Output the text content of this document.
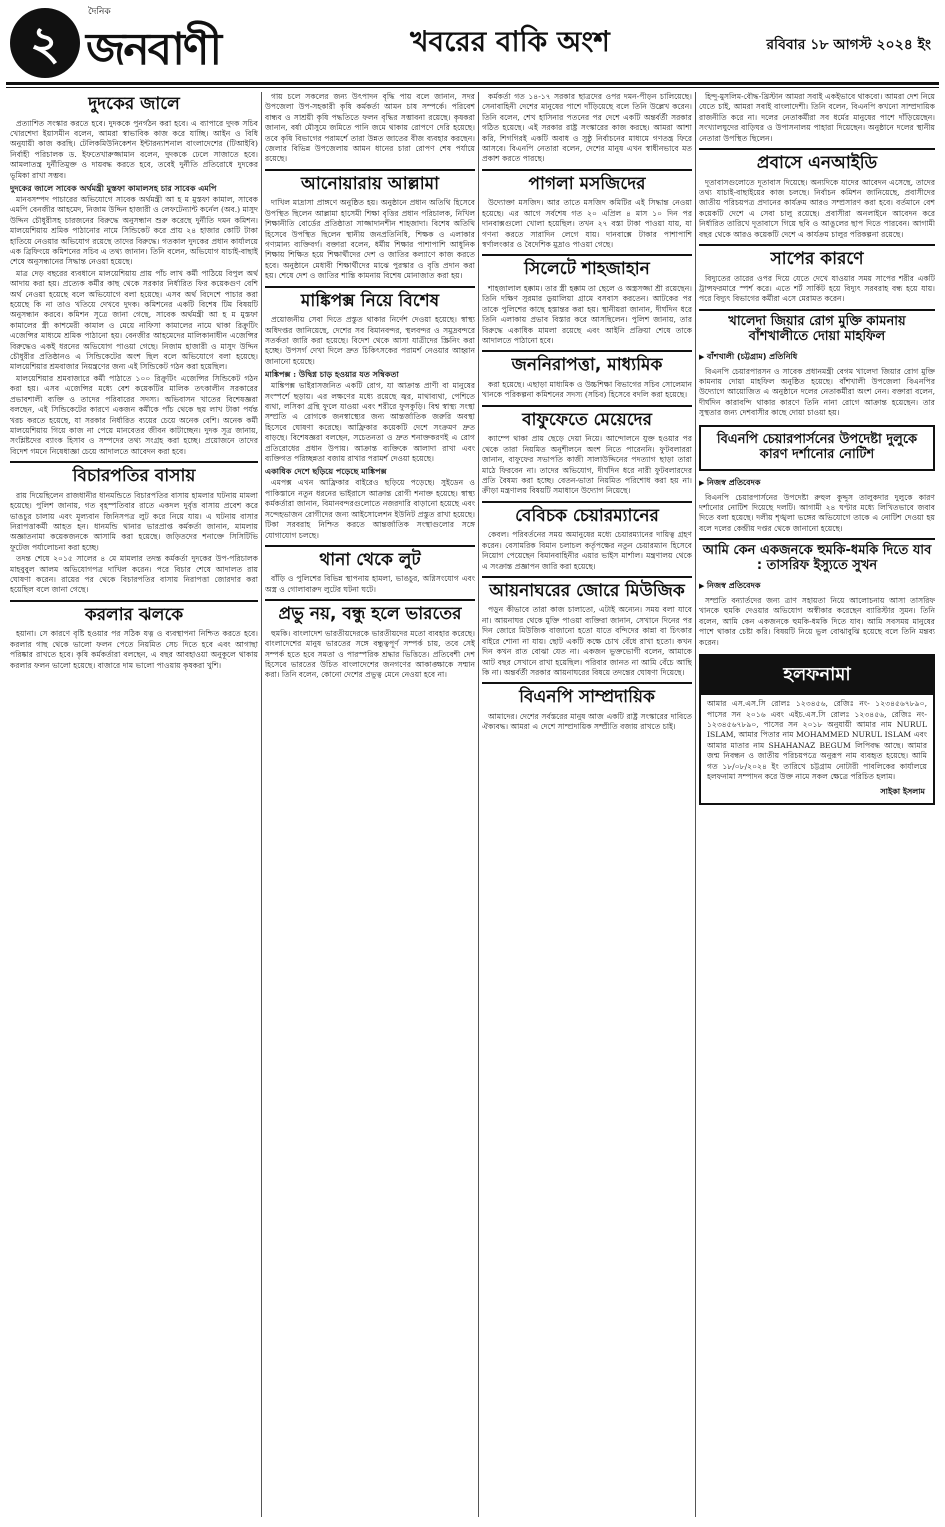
২
দৈনিক
জনবাণী	খবরের বাকি অংশ	রবিবার ১৮ আগস্ট ২০২৪ ইং
দুদকের জালে

প্রত্যাশিত সংস্কার করতে হবে। দুদককে পুনর্গঠন করা হবে। এ ব্যাপারে দুদক সচিব খোরশেদা ইয়াসমীন বলেন, আমরা স্বাভাবিক কাজ করে যাচ্ছি। আইন ও বিধি অনুযায়ী কাজ করছি। টেলিকমিউনিকেশন ইন্টারন্যাশনাল বাংলাদেশের (টিআইবি) নির্বাহী পরিচালক ড. ইফতেখারুজ্জামান বলেন, দুদককে ঢেলে সাজাতে হবে। আমলাতন্ত্র দুর্নীতিমুক্ত ও দায়বদ্ধ করতে হবে, তবেই দুর্নীতি প্রতিরোধে দুদকের ভূমিকা রাখা সম্ভব।

দুদকের জালে সাবেক অর্থমন্ত্রী মুস্তফা কামালসহ চার সাবেক এমপি

মানবসম্পদ পাচারের অভিযোগে সাবেক অর্থমন্ত্রী আ হ ম মুস্তফা কামাল, সাবেক এমপি বেনজীর আহমেদ, নিজাম উদ্দিন হাজারী ও লেফটেন্যান্ট কর্নেল (অব.) মাসুদ উদ্দিন চৌধুরীসহ চারজনের বিরুদ্ধে অনুসন্ধান শুরু করেছে দুর্নীতি দমন কমিশন। মালয়েশিয়ায় শ্রমিক পাঠানোর নামে সিন্ডিকেট করে প্রায় ২৪ হাজার কোটি টাকা হাতিয়ে নেওয়ার অভিযোগ রয়েছে তাদের বিরুদ্ধে। গতকাল দুদকের প্রধান কার্যালয়ে এক ব্রিফিংয়ে কমিশনের সচিব এ তথ্য জানান। তিনি বলেন, অভিযোগ যাচাই-বাছাই শেষে অনুসন্ধানের সিদ্ধান্ত নেওয়া হয়েছে।

মাত্র দেড় বছরের ব্যবধানে মালয়েশিয়ায় প্রায় পাঁচ লাখ কর্মী পাঠিয়ে বিপুল অর্থ আদায় করা হয়। প্রত্যেক কর্মীর কাছ থেকে সরকার নির্ধারিত ফির কয়েকগুণ বেশি অর্থ নেওয়া হয়েছে বলে অভিযোগে বলা হয়েছে। এসব অর্থ বিদেশে পাচার করা হয়েছে কি না তাও খতিয়ে দেখবে দুদক। কমিশনের একটি বিশেষ টিম বিষয়টি অনুসন্ধান করবে। কমিশন সূত্রে জানা গেছে, সাবেক অর্থমন্ত্রী আ হ ম মুস্তফা কামালের স্ত্রী কাশমেরী কামাল ও মেয়ে নাফিসা কামালের নামে থাকা রিক্রুটিং এজেন্সির মাধ্যমে শ্রমিক পাঠানো হয়। বেনজীর আহমেদের মালিকানাধীন এজেন্সির বিরুদ্ধেও একই ধরনের অভিযোগ পাওয়া গেছে। নিজাম হাজারী ও মাসুদ উদ্দিন চৌধুরীর প্রতিষ্ঠানও এ সিন্ডিকেটের অংশ ছিল বলে অভিযোগে বলা হয়েছে। মালয়েশিয়ার শ্রমবাজার নিয়ন্ত্রণের জন্য এই সিন্ডিকেট গঠন করা হয়েছিল।

মালয়েশিয়ার শ্রমবাজারে কর্মী পাঠাতে ১০০ রিক্রুটিং এজেন্সির সিন্ডিকেট গঠন করা হয়। এসব এজেন্সির মধ্যে বেশ কয়েকটির মালিক তৎকালীন সরকারের প্রভাবশালী ব্যক্তি ও তাদের পরিবারের সদস্য। অভিবাসন খাতের বিশেষজ্ঞরা বলছেন, এই সিন্ডিকেটের কারণে একজন কর্মীকে পাঁচ থেকে ছয় লাখ টাকা পর্যন্ত খরচ করতে হয়েছে, যা সরকার নির্ধারিত ব্যয়ের চেয়ে অনেক বেশি। অনেক কর্মী মালয়েশিয়ায় গিয়ে কাজ না পেয়ে মানবেতর জীবন কাটাচ্ছেন। দুদক সূত্র জানায়, সংশ্লিষ্টদের ব্যাংক হিসাব ও সম্পদের তথ্য সংগ্রহ করা হচ্ছে। প্রয়োজনে তাদের বিদেশ গমনে নিষেধাজ্ঞা চেয়ে আদালতে আবেদন করা হবে।

বিচারপতির বাসায়

রায় দিয়েছিলেন রাজধানীর ধানমন্ডিতে বিচারপতির বাসায় হামলার ঘটনায় মামলা হয়েছে। পুলিশ জানায়, গত বৃহস্পতিবার রাতে একদল দুর্বৃত্ত বাসায় প্রবেশ করে ভাঙচুর চালায় এবং মূল্যবান জিনিসপত্র লুট করে নিয়ে যায়। এ ঘটনায় বাসার নিরাপত্তাকর্মী আহত হন। ধানমন্ডি থানার ভারপ্রাপ্ত কর্মকর্তা জানান, মামলায় অজ্ঞাতনামা কয়েকজনকে আসামি করা হয়েছে। জড়িতদের শনাক্তে সিসিটিভি ফুটেজ পর্যালোচনা করা হচ্ছে।

তদন্ত শেষে ২০১৫ সালের ৪ মে মামলার তদন্ত কর্মকর্তা দুদকের উপ-পরিচালক মাহবুবুল আলম অভিযোগপত্র দাখিল করেন। পরে বিচার শেষে আদালত রায় ঘোষণা করেন। রায়ের পর থেকে বিচারপতির বাসায় নিরাপত্তা জোরদার করা হয়েছিল বলে জানা গেছে।

করলার ঝলকে

হয়ানা। সে কারণে বৃষ্টি হওয়ার পর সঠিক যত্ন ও ব্যবস্থাপনা নিশ্চিত করতে হবে। করলার গাছ থেকে ভালো ফলন পেতে নিয়মিত সেচ দিতে হবে এবং আগাছা পরিষ্কার রাখতে হবে। কৃষি কর্মকর্তারা বলছেন, এ বছর আবহাওয়া অনুকূলে থাকায় করলার ফলন ভালো হয়েছে। বাজারে দাম ভালো পাওয়ায় কৃষকরা খুশি।

গায় চলে সকলের জন্য উৎপাদন বৃদ্ধি পায় বলে জানান, সদর উপজেলা উপ-সহকারী কৃষি কর্মকর্তা আমন চাষ সম্পর্কে। পরিবেশ বান্ধব ও সাশ্রয়ী কৃষি পদ্ধতিতে ফলন বৃদ্ধির সম্ভাবনা রয়েছে। কৃষকরা জানান, বর্ষা মৌসুমে জমিতে পানি জমে থাকায় রোপণে দেরি হয়েছে। তবে কৃষি বিভাগের পরামর্শে তারা উন্নত জাতের বীজ ব্যবহার করছেন। জেলার বিভিন্ন উপজেলায় আমন ধানের চারা রোপণ শেষ পর্যায়ে রয়েছে।

আনোয়ারায় আল্লামা

দাখিল মাদ্রাসা প্রাঙ্গণে অনুষ্ঠিত হয়। অনুষ্ঠানে প্রধান অতিথি হিসেবে উপস্থিত ছিলেন আল্লামা হাসেমী শিক্ষা বৃত্তির প্রধান পরিচালক, নিখিল শিক্ষানীতি বোর্ডের প্রতিষ্ঠাতা সাজ্জাদানশীন শাহজাদা। বিশেষ অতিথি হিসেবে উপস্থিত ছিলেন স্থানীয় জনপ্রতিনিধি, শিক্ষক ও এলাকার গণ্যমান্য ব্যক্তিবর্গ। বক্তারা বলেন, ধর্মীয় শিক্ষার পাশাপাশি আধুনিক শিক্ষায় শিক্ষিত হয়ে শিক্ষার্থীদের দেশ ও জাতির কল্যাণে কাজ করতে হবে। অনুষ্ঠানে মেধাবী শিক্ষার্থীদের মাঝে পুরস্কার ও বৃত্তি প্রদান করা হয়। শেষে দেশ ও জাতির শান্তি কামনায় বিশেষ মোনাজাত করা হয়।

মাঙ্কিপক্স নিয়ে বিশেষ

প্রয়োজনীয় সেবা দিতে প্রস্তুত থাকার নির্দেশ দেওয়া হয়েছে। স্বাস্থ্য অধিদপ্তর জানিয়েছে, দেশের সব বিমানবন্দর, স্থলবন্দর ও সমুদ্রবন্দরে সতর্কতা জারি করা হয়েছে। বিদেশ থেকে আসা যাত্রীদের স্ক্রিনিং করা হচ্ছে। উপসর্গ দেখা দিলে দ্রুত চিকিৎসকের পরামর্শ নেওয়ার আহ্বান জানানো হয়েছে।

মাঙ্কিপক্স : উদ্বিগ্ন চাড় হওয়ার যত সম্বিকতা

মাঙ্কিপক্স ভাইরাসজনিত একটি রোগ, যা আক্রান্ত প্রাণী বা মানুষের সংস্পর্শে ছড়ায়। এর লক্ষণের মধ্যে রয়েছে জ্বর, মাথাব্যথা, পেশিতে ব্যথা, লসিকা গ্রন্থি ফুলে যাওয়া এবং শরীরে ফুসকুড়ি। বিশ্ব স্বাস্থ্য সংস্থা সম্প্রতি এ রোগকে জনস্বাস্থ্যের জন্য আন্তর্জাতিক জরুরি অবস্থা হিসেবে ঘোষণা করেছে। আফ্রিকার কয়েকটি দেশে সংক্রমণ দ্রুত বাড়ছে। বিশেষজ্ঞরা বলছেন, সচেতনতা ও দ্রুত শনাক্তকরণই এ রোগ প্রতিরোধের প্রধান উপায়। আক্রান্ত ব্যক্তিকে আলাদা রাখা এবং ব্যক্তিগত পরিচ্ছন্নতা বজায় রাখার পরামর্শ দেওয়া হয়েছে।

একাধিক দেশে ছড়িয়ে পড়েছে মাঙ্কিপক্স

এমপক্স এখন আফ্রিকার বাইরেও ছড়িয়ে পড়েছে। সুইডেন ও পাকিস্তানে নতুন ধরনের ভাইরাসে আক্রান্ত রোগী শনাক্ত হয়েছে। স্বাস্থ্য কর্মকর্তারা জানান, বিমানবন্দরগুলোতে নজরদারি বাড়ানো হয়েছে এবং সন্দেহভাজন রোগীদের জন্য আইসোলেশন ইউনিট প্রস্তুত রাখা হয়েছে। টিকা সরবরাহ নিশ্চিত করতে আন্তর্জাতিক সংস্থাগুলোর সঙ্গে যোগাযোগ চলছে।

থানা থেকে লুট

বাঁড়ি ও পুলিশের বিভিন্ন স্থাপনায় হামলা, ভাঙচুর, অগ্নিসংযোগ এবং অস্ত্র ও গোলাবারুদ লুটের ঘটনা ঘটে।

প্রভু নয়, বন্ধু হলে ভারতের

হুমকি। বাংলাদেশ ভারতীয়দেরকে ভারতীয়দের মতো ব্যবহার করেছে। বাংলাদেশের মানুষ ভারতের সঙ্গে বন্ধুত্বপূর্ণ সম্পর্ক চায়, তবে সেই সম্পর্ক হতে হবে সমতা ও পারস্পরিক শ্রদ্ধার ভিত্তিতে। প্রতিবেশী দেশ হিসেবে ভারতের উচিত বাংলাদেশের জনগণের আকাঙ্ক্ষাকে সম্মান করা। তিনি বলেন, কোনো দেশের প্রভুত্ব মেনে নেওয়া হবে না।

কর্মকর্তা গত ১৪-১৭ সরকার ছাত্রদের ওপর দমন-পীড়ন চালিয়েছে। সেনাবাহিনী দেশের মানুষের পাশে দাঁড়িয়েছে বলে তিনি উল্লেখ করেন। তিনি বলেন, শেখ হাসিনার পতনের পর দেশে একটি অন্তর্বর্তী সরকার গঠিত হয়েছে। এই সরকার রাষ্ট্র সংস্কারের কাজ করছে। আমরা আশা করি, শিগগিরই একটি অবাধ ও সুষ্ঠু নির্বাচনের মাধ্যমে গণতন্ত্র ফিরে আসবে। বিএনপি নেতারা বলেন, দেশের মানুষ এখন স্বাধীনভাবে মত প্রকাশ করতে পারছে।

পাগলা মসজিদের

উদ্যোক্তা মসজিদ। আর তাতে মসজিদ কমিটির এই সিদ্ধান্ত নেওয়া হয়েছে। এর আগে সর্বশেষ গত ২০ এপ্রিল ৪ মাস ১০ দিন পর দানবাক্সগুলো খোলা হয়েছিল। তখন ২৭ বস্তা টাকা পাওয়া যায়, যা গণনা করতে সারাদিন লেগে যায়। দানবাক্সে টাকার পাশাপাশি স্বর্ণালংকার ও বৈদেশিক মুদ্রাও পাওয়া গেছে।

সিলেটে শাহজাহান

শাহজালাল হক্কাম। তার স্ত্রী হক্কাম তা ছেলে ও অস্ত্রসজ্জা শ্রী রয়েছেন। তিনি দক্ষিণ সুরমার ডুয়ালিয়া গ্রামে বসবাস করতেন। আটকের পর তাকে পুলিশের কাছে হস্তান্তর করা হয়। স্থানীয়রা জানান, দীর্ঘদিন ধরে তিনি এলাকায় প্রভাব বিস্তার করে আসছিলেন। পুলিশ জানায়, তার বিরুদ্ধে একাধিক মামলা রয়েছে এবং আইনি প্রক্রিয়া শেষে তাকে আদালতে পাঠানো হবে।

জননিরাপত্তা, মাধ্যমিক

করা হয়েছে। এছাড়া মাধ্যমিক ও উচ্চশিক্ষা বিভাগের সচিব সোলেমান খানকে পরিকল্পনা কমিশনের সদস্য (সচিব) হিসেবে বদলি করা হয়েছে।

বাফুফেতে মেয়েদের

ক্যাম্পে থাকা প্রায় ছেড়ে দেয়া নিয়ে। আন্দোলনে যুক্ত হওয়ার পর থেকে তারা নিয়মিত অনুশীলনে অংশ নিতে পারেননি। ফুটবলাররা জানান, বাফুফের সভাপতি কাজী সালাউদ্দিনের পদত্যাগ ছাড়া তারা মাঠে ফিরবেন না। তাদের অভিযোগ, দীর্ঘদিন ধরে নারী ফুটবলারদের প্রতি বৈষম্য করা হচ্ছে। বেতন-ভাতা নিয়মিত পরিশোধ করা হয় না। ক্রীড়া মন্ত্রণালয় বিষয়টি সমাধানে উদ্যোগ নিয়েছে।

বেবিচক চেয়ারম্যানের

কেবল। পরিবর্তনের সময় অমানুষের মধ্যে চেয়ারম্যানের দায়িত্ব গ্রহণ করেন। বেসামরিক বিমান চলাচল কর্তৃপক্ষের নতুন চেয়ারম্যান হিসেবে নিয়োগ পেয়েছেন বিমানবাহিনীর এয়ার ভাইস মার্শাল। মন্ত্রণালয় থেকে এ সংক্রান্ত প্রজ্ঞাপন জারি করা হয়েছে।

আয়নাঘরের জোরে মিউজিক

পড়ুন কীভাবে তারা কাজ চালাতো, এটাই অন্যেন। সময় বলা যাবে না। আয়নাঘর থেকে মুক্তি পাওয়া ব্যক্তিরা জানান, সেখানে দিনের পর দিন জোরে মিউজিক বাজানো হতো যাতে বন্দিদের কান্না বা চিৎকার বাইরে শোনা না যায়। ছোট একটি কক্ষে চোখ বেঁধে রাখা হতো। কখন দিন কখন রাত বোঝা যেত না। একজন ভুক্তভোগী বলেন, আমাকে আট বছর সেখানে রাখা হয়েছিল। পরিবার জানত না আমি বেঁচে আছি কি না। অন্তর্বর্তী সরকার আয়নাঘরের বিষয়ে তদন্তের ঘোষণা দিয়েছে।

বিএনপি সাম্প্রদায়িক

আমাদের। দেশের সর্বস্তরের মানুষ আজ একটি রাষ্ট্র সংস্কারের দাবিতে ঐক্যবদ্ধ। আমরা এ দেশে সাম্প্রদায়িক সম্প্রীতি বজায় রাখতে চাই।

হিন্দু-মুসলিম-বৌদ্ধ-খ্রিস্টান আমরা সবাই একইভাবে থাকবো। আমরা দেশ নিয়ে যেতে চাই, আমরা সবাই বাংলাদেশী। তিনি বলেন, বিএনপি কখনো সাম্প্রদায়িক রাজনীতি করে না। দলের নেতাকর্মীরা সব ধর্মের মানুষের পাশে দাঁড়িয়েছেন। সংখ্যালঘুদের বাড়িঘর ও উপাসনালয় পাহারা দিয়েছেন। অনুষ্ঠানে দলের স্থানীয় নেতারা উপস্থিত ছিলেন।

প্রবাসে এনআইডি

দূতাবাসগুলোতে দূতাবাস দিয়েছে। অন্যদিকে যাদের আবেদন এসেছে, তাদের তথ্য যাচাই-বাছাইয়ের কাজ চলছে। নির্বাচন কমিশন জানিয়েছে, প্রবাসীদের জাতীয় পরিচয়পত্র প্রদানের কার্যক্রম আরও সম্প্রসারণ করা হবে। বর্তমানে বেশ কয়েকটি দেশে এ সেবা চালু রয়েছে। প্রবাসীরা অনলাইনে আবেদন করে নির্ধারিত তারিখে দূতাবাসে গিয়ে ছবি ও আঙুলের ছাপ দিতে পারবেন। আগামী বছর থেকে আরও কয়েকটি দেশে এ কার্যক্রম চালুর পরিকল্পনা রয়েছে।

সাপের কারণে

বিদ্যুতের তারের ওপর দিয়ে যেতে দেখে যাওয়ার সময় সাপের শরীর একটি ট্রান্সফরমারে স্পর্শ করে। এতে শর্ট সার্কিট হয়ে বিদ্যুৎ সরবরাহ বন্ধ হয়ে যায়। পরে বিদ্যুৎ বিভাগের কর্মীরা এসে মেরামত করেন।

খালেদা জিয়ার রোগ মুক্তি কামনায় বাঁশখালীতে দোয়া মাহফিল
▶ বাঁশখালী (চট্টগ্রাম) প্রতিনিধি

বিএনপি চেয়ারপারসন ও সাবেক প্রধানমন্ত্রী বেগম খালেদা জিয়ার রোগ মুক্তি কামনায় দোয়া মাহফিল অনুষ্ঠিত হয়েছে। বাঁশখালী উপজেলা বিএনপির উদ্যোগে আয়োজিত এ অনুষ্ঠানে দলের নেতাকর্মীরা অংশ নেন। বক্তারা বলেন, দীর্ঘদিন কারাবন্দি থাকার কারণে তিনি নানা রোগে আক্রান্ত হয়েছেন। তার সুস্থতার জন্য দেশবাসীর কাছে দোয়া চাওয়া হয়।

বিএনপি চেয়ারপার্সনের উপদেষ্টা দুলুকে কারণ দর্শানোর নোটিশ
▶ নিজস্ব প্রতিবেদক

বিএনপি চেয়ারপার্সনের উপদেষ্টা রুহুল কুদ্দুস তালুকদার দুলুকে কারণ দর্শানোর নোটিশ দিয়েছে দলটি। আগামী ২৪ ঘণ্টার মধ্যে লিখিতভাবে জবাব দিতে বলা হয়েছে। দলীয় শৃঙ্খলা ভঙ্গের অভিযোগে তাকে এ নোটিশ দেওয়া হয় বলে দলের কেন্দ্রীয় দপ্তর থেকে জানানো হয়েছে।

আমি কেন একজনকে হুমকি-ধমকি দিতে যাব : তাসরিফ ইস্যুতে সুখন
▶ নিজস্ব প্রতিবেদক

সম্প্রতি বন্যার্তদের জন্য ত্রাণ সহায়তা নিয়ে আলোচনায় আসা তাসরিফ খানকে হুমকি দেওয়ার অভিযোগ অস্বীকার করেছেন ব্যারিস্টার সুমন। তিনি বলেন, আমি কেন একজনকে হুমকি-ধমকি দিতে যাব। আমি সবসময় মানুষের পাশে থাকার চেষ্টা করি। বিষয়টি নিয়ে ভুল বোঝাবুঝি হয়েছে বলে তিনি মন্তব্য করেন।

হলফনামা
আমার এস.এস.সি রোলঃ ১২৩৪৫৬, রেজিঃ নং- ১২৩৪৫৬৭৮৯০, পাসের সন ২০১৬ এবং এইচ.এস.সি রোলঃ ১২৩৪৫৬, রেজিঃ নং- ১২৩৪৫৬৭৮৯০, পাসের সন ২০১৮ অনুযায়ী আমার নাম NURUL ISLAM, আমার পিতার নাম MOHAMMED NURUL ISLAM এবং আমার মাতার নাম SHAHANAZ BEGUM লিপিবদ্ধ আছে। আমার জন্ম নিবন্ধন ও জাতীয় পরিচয়পত্রে অনুরূপ নাম ব্যবহৃত হয়েছে। আমি গত ১৮/০৮/২০২৪ ইং তারিখে চট্টগ্রাম নোটারী পাবলিকের কার্যালয়ে হলফনামা সম্পাদন করে উক্ত নামে সকল ক্ষেত্রে পরিচিত হলাম।
সাইকা ইসলাম
